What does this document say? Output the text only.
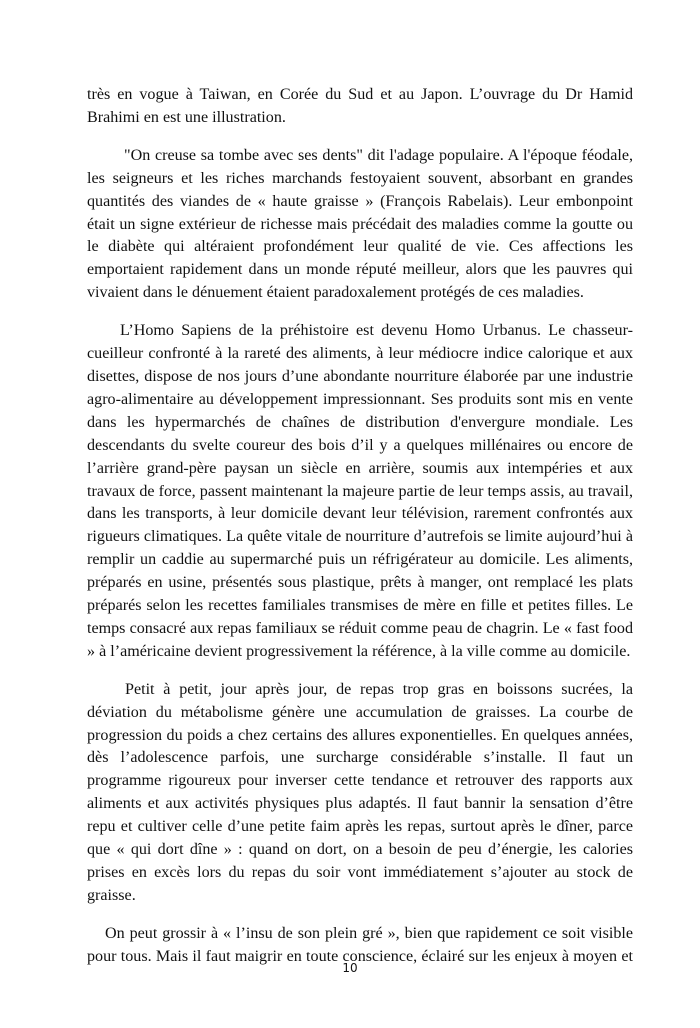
très en vogue à Taiwan, en Corée du Sud et au Japon. L’ouvrage du Dr Hamid Brahimi en est une illustration.

"On creuse sa tombe avec ses dents" dit l'adage populaire. A l'époque féodale, les seigneurs et les riches marchands festoyaient souvent, absorbant en grandes quantités des viandes de « haute graisse » (François Rabelais). Leur embonpoint était un signe extérieur de richesse mais précédait des maladies comme la goutte ou le diabète qui altéraient profondément leur qualité de vie. Ces affections les emportaient rapidement dans un monde réputé meilleur, alors que les pauvres qui vivaient dans le dénuement étaient paradoxalement protégés de ces maladies.

L’Homo Sapiens de la préhistoire est devenu Homo Urbanus. Le chasseur-cueilleur confronté à la rareté des aliments, à leur médiocre indice calorique et aux disettes, dispose de nos jours d’une abondante nourriture élaborée par une industrie agro-alimentaire au développement impressionnant. Ses produits sont mis en vente dans les hypermarchés de chaînes de distribution d'envergure mondiale. Les descendants du svelte coureur des bois d’il y a quelques millénaires ou encore de l’arrière grand-père paysan un siècle en arrière, soumis aux intempéries et aux travaux de force, passent maintenant la majeure partie de leur temps assis, au travail, dans les transports, à leur domicile devant leur télévision, rarement confrontés aux rigueurs climatiques. La quête vitale de nourriture d’autrefois se limite aujourd’hui à remplir un caddie au supermarché puis un réfrigérateur au domicile. Les aliments, préparés en usine, présentés sous plastique, prêts à manger, ont remplacé les plats préparés selon les recettes familiales transmises de mère en fille et petites filles. Le temps consacré aux repas familiaux se réduit comme peau de chagrin. Le « fast food » à l’américaine devient progressivement la référence, à la ville comme au domicile.

Petit à petit, jour après jour, de repas trop gras en boissons sucrées, la déviation du métabolisme génère une accumulation de graisses. La courbe de progression du poids a chez certains des allures exponentielles. En quelques années, dès l’adolescence parfois, une surcharge considérable s’installe. Il faut un programme rigoureux pour inverser cette tendance et retrouver des rapports aux aliments et aux activités physiques plus adaptés. Il faut bannir la sensation d’être repu et cultiver celle d’une petite faim après les repas, surtout après le dîner, parce que « qui dort dîne » : quand on dort, on a besoin de peu d’énergie, les calories prises en excès lors du repas du soir vont immédiatement s’ajouter au stock de graisse.

On peut grossir à « l’insu de son plein gré », bien que rapidement ce soit visible pour tous. Mais il faut maigrir en toute conscience, éclairé sur les enjeux à moyen et

10
